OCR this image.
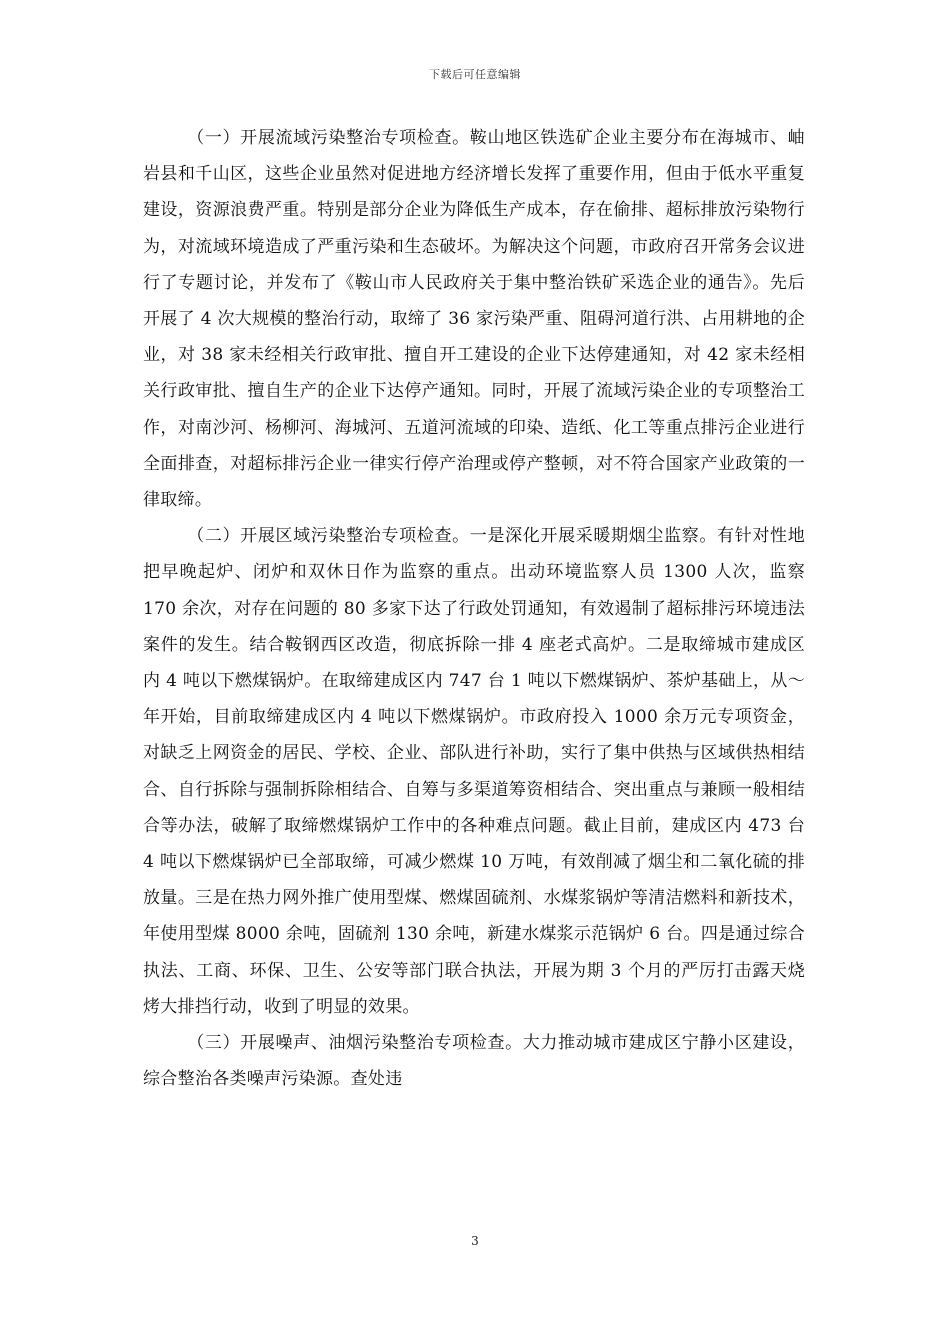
下载后可任意编辑

（一）开展流域污染整治专项检查。鞍山地区铁选矿企业主要分布在海城市、岫岩县和千山区，这些企业虽然对促进地方经济增长发挥了重要作用，但由于低水平重复建设，资源浪费严重。特别是部分企业为降低生产成本，存在偷排、超标排放污染物行为，对流域环境造成了严重污染和生态破坏。为解决这个问题，市政府召开常务会议进行了专题讨论，并发布了《鞍山市人民政府关于集中整治铁矿采选企业的通告》。先后开展了 4 次大规模的整治行动，取缔了 36 家污染严重、阻碍河道行洪、占用耕地的企业，对 38 家未经相关行政审批、擅自开工建设的企业下达停建通知，对 42 家未经相关行政审批、擅自生产的企业下达停产通知。同时，开展了流域污染企业的专项整治工作，对南沙河、杨柳河、海城河、五道河流域的印染、造纸、化工等重点排污企业进行全面排查，对超标排污企业一律实行停产治理或停产整顿，对不符合国家产业政策的一律取缔。

（二）开展区域污染整治专项检查。一是深化开展采暖期烟尘监察。有针对性地把早晚起炉、闭炉和双休日作为监察的重点。出动环境监察人员 1300 人次，监察 170 余次，对存在问题的 80 多家下达了行政处罚通知，有效遏制了超标排污环境违法案件的发生。结合鞍钢西区改造，彻底拆除一排 4 座老式高炉。二是取缔城市建成区内 4 吨以下燃煤锅炉。在取缔建成区内 747 台 1 吨以下燃煤锅炉、茶炉基础上，从～年开始，目前取缔建成区内 4 吨以下燃煤锅炉。市政府投入 1000 余万元专项资金，对缺乏上网资金的居民、学校、企业、部队进行补助，实行了集中供热与区域供热相结合、自行拆除与强制拆除相结合、自筹与多渠道筹资相结合、突出重点与兼顾一般相结合等办法，破解了取缔燃煤锅炉工作中的各种难点问题。截止目前，建成区内 473 台 4 吨以下燃煤锅炉已全部取缔，可减少燃煤 10 万吨，有效削减了烟尘和二氧化硫的排放量。三是在热力网外推广使用型煤、燃煤固硫剂、水煤浆锅炉等清洁燃料和新技术，年使用型煤 8000 余吨，固硫剂 130 余吨，新建水煤浆示范锅炉 6 台。四是通过综合执法、工商、环保、卫生、公安等部门联合执法，开展为期 3 个月的严厉打击露天烧烤大排挡行动，收到了明显的效果。

（三）开展噪声、油烟污染整治专项检查。大力推动城市建成区宁静小区建设，综合整治各类噪声污染源。查处违

3
